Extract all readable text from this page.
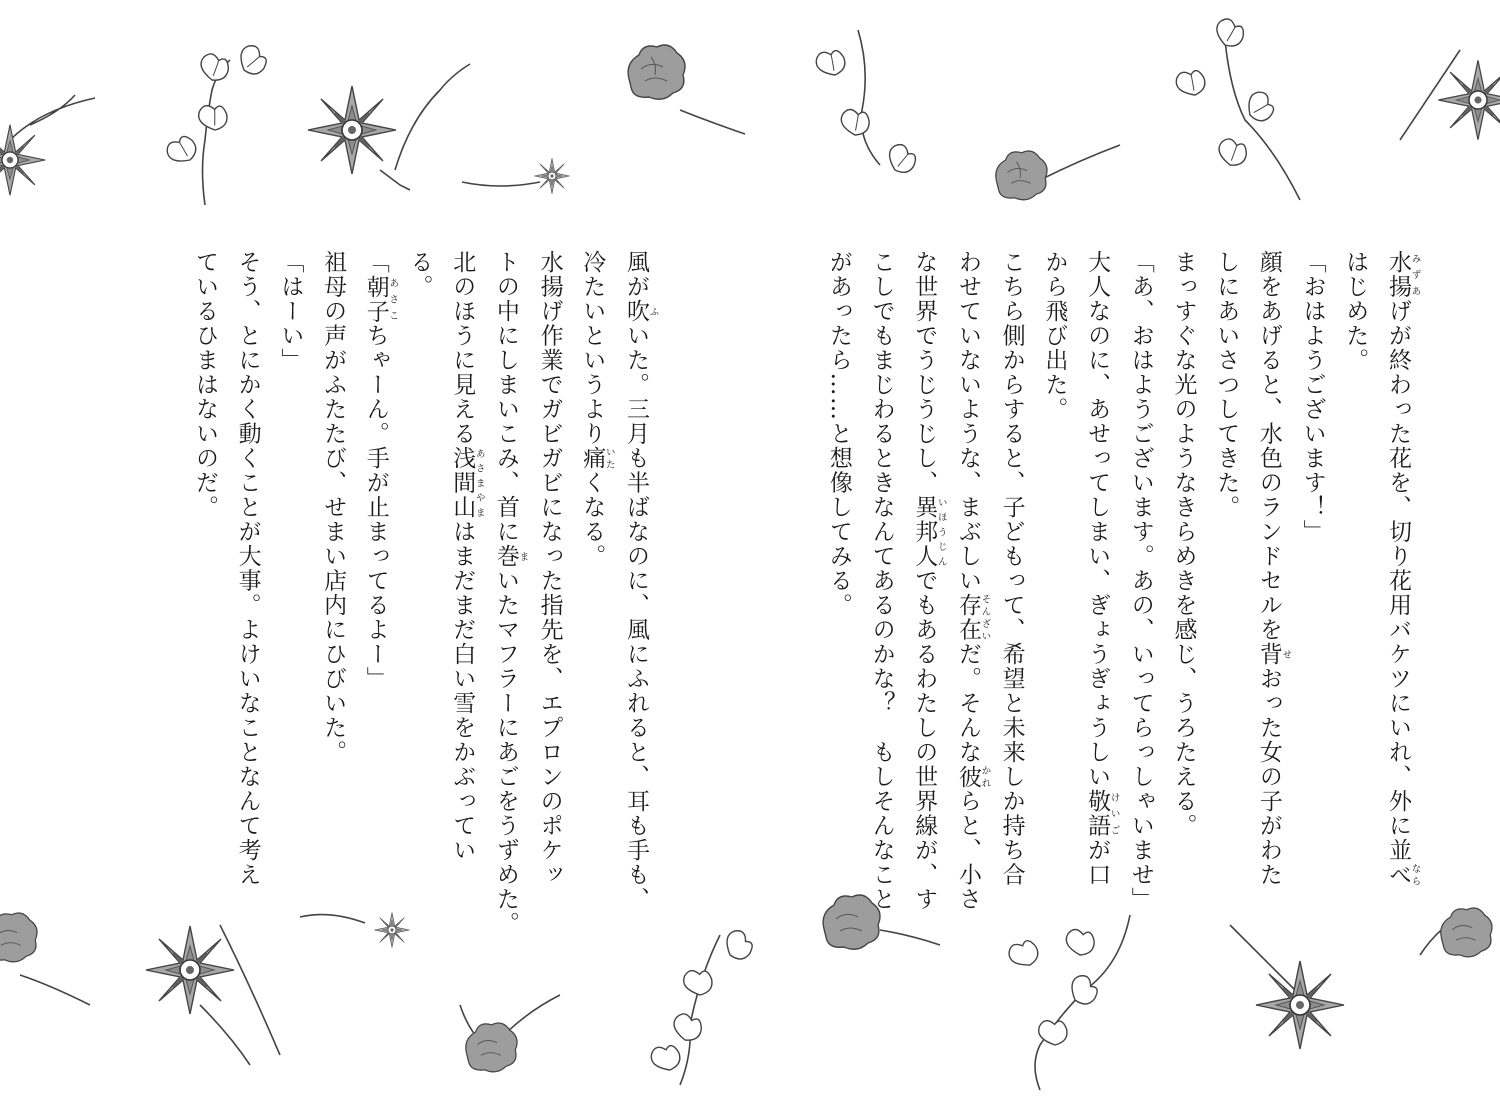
水揚みずあげが終わった花を、切り花用バケツにいれ、外に並べなら

はじめた。

「おはようございます！」

顔をあげると、水色のランドセルを背せおった女の子がわた

しにあいさつしてきた。

まっすぐな光のようなきらめきを感じ、うろたえる。

「あ、おはようございます。あの、いってらっしゃいませ」

大人なのに、あせってしまい、ぎょうぎょうしい敬語けいごが口

から飛び出た。

こちら側からすると、子どもって、希望と未来しか持ち合

わせていないような、まぶしい存在そんざいだ。そんな彼かれらと、小さ

な世界でうじうじし、異邦人いほうじんでもあるわたしの世界線が、す

こしでもまじわるときなんてあるのかな？　もしそんなこと

があったら……と想像してみる。

風が吹ふいた。三月も半ばなのに、風にふれると、耳も手も、

冷たいというより痛いたくなる。

水揚げ作業でガビガビになった指先を、エプロンのポケッ

トの中にしまいこみ、首に巻まいたマフラーにあごをうずめた。

北のほうに見える浅間山あさまやまはまだまだ白い雪をかぶってい

る。

「朝子あさこちゃーん。手が止まってるよー」

祖母の声がふたたび、せまい店内にひびいた。

「はーい」

そう、とにかく動くことが大事。よけいなことなんて考え

ているひまはないのだ。
